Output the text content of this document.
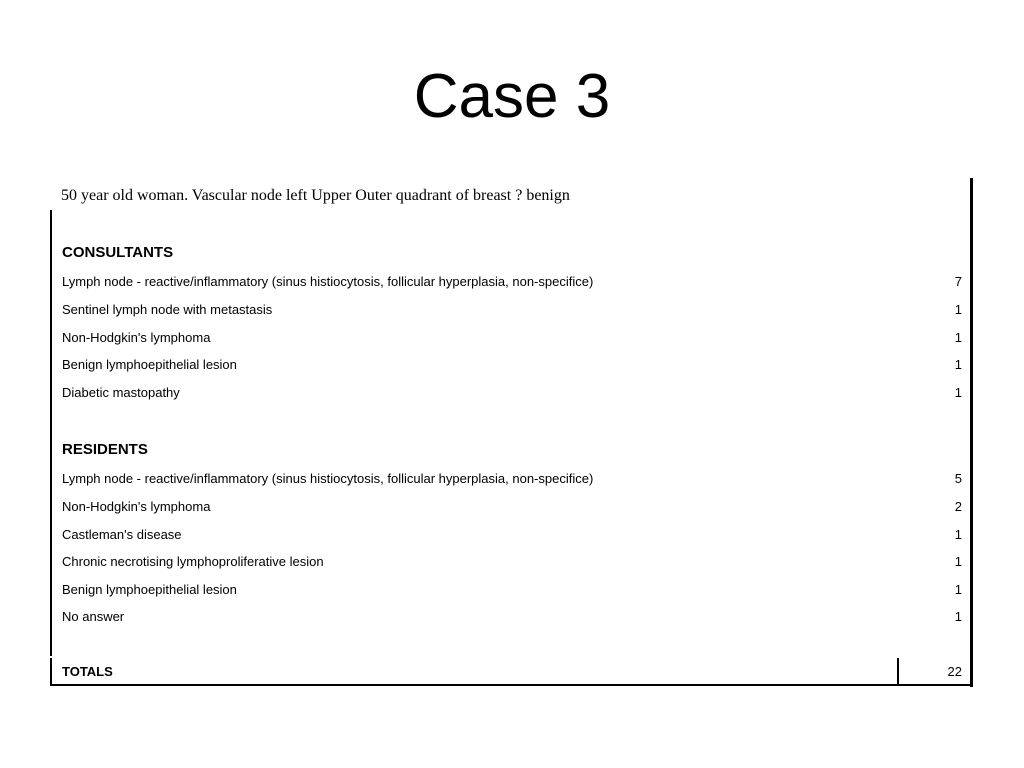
Case 3
50 year old woman. Vascular node left Upper Outer quadrant of breast ? benign
CONSULTANTS
Lymph node - reactive/inflammatory (sinus histiocytosis, follicular hyperplasia, non-specifice)	7
Sentinel lymph node with metastasis	1
Non-Hodgkin's lymphoma	1
Benign lymphoepithelial lesion	1
Diabetic mastopathy	1
RESIDENTS
Lymph node - reactive/inflammatory (sinus histiocytosis, follicular hyperplasia, non-specifice)	5
Non-Hodgkin's lymphoma	2
Castleman's disease	1
Chronic necrotising lymphoproliferative lesion	1
Benign lymphoepithelial lesion	1
No answer	1
TOTALS	22
